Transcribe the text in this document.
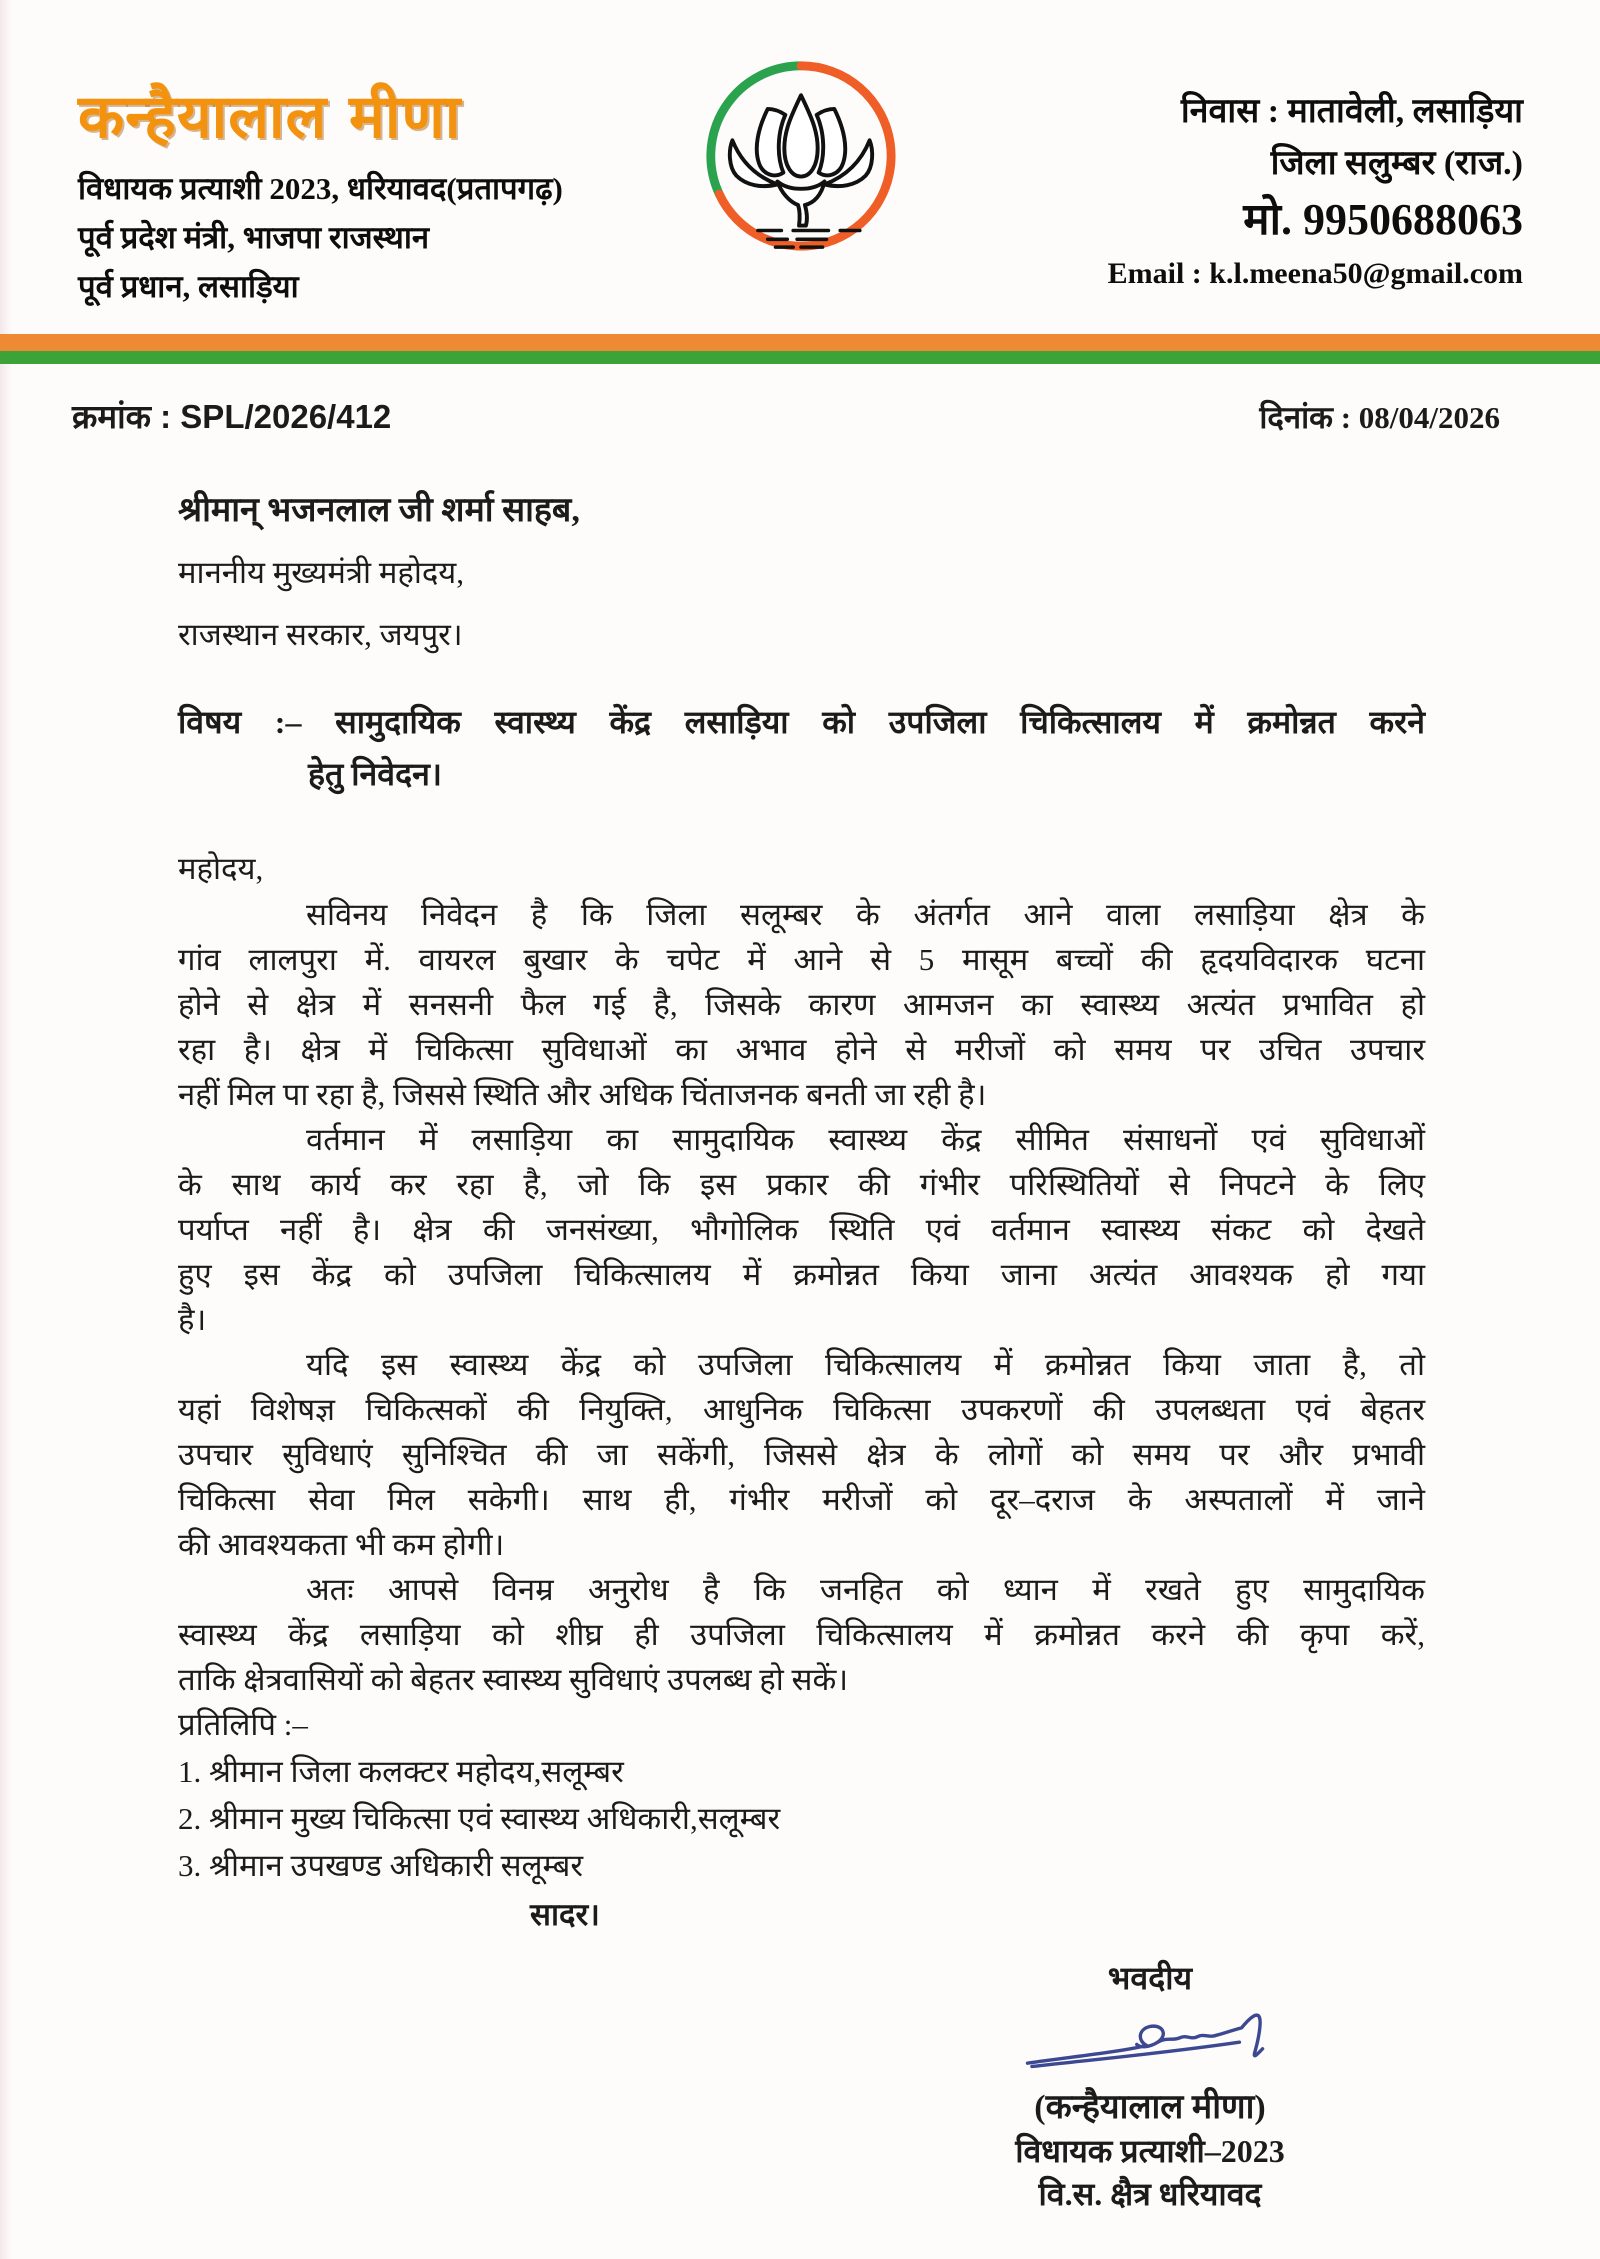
कन्हैयालाल मीणा
विधायक प्रत्याशी 2023, धरियावद(प्रतापगढ़)
पूर्व प्रदेश मंत्री, भाजपा राजस्थान
पूर्व प्रधान, लसाड़िया
निवास : मातावेली, लसाड़िया
जिला सलुम्बर (राज.)
मो. 9950688063
Email : k.l.meena50@gmail.com
क्रमांक : SPL/2026/412	दिनांक : 08/04/2026
श्रीमान् भजनलाल जी शर्मा साहब,
माननीय मुख्यमंत्री महोदय,
राजस्थान सरकार, जयपुर।
विषय :– सामुदायिक स्वास्थ्य केंद्र लसाड़िया को उपजिला चिकित्सालय में क्रमोन्नत करने
हेतु निवेदन।
महोदय,
सविनय निवेदन है कि जिला सलूम्बर के अंतर्गत आने वाला लसाड़िया क्षेत्र के
गांव लालपुरा में. वायरल बुखार के चपेट में आने से 5 मासूम बच्चों की हृदयविदारक घटना
होने से क्षेत्र में सनसनी फैल गई है, जिसके कारण आमजन का स्वास्थ्य अत्यंत प्रभावित हो
रहा है। क्षेत्र में चिकित्सा सुविधाओं का अभाव होने से मरीजों को समय पर उचित उपचार
नहीं मिल पा रहा है, जिससे स्थिति और अधिक चिंताजनक बनती जा रही है।
वर्तमान में लसाड़िया का सामुदायिक स्वास्थ्य केंद्र सीमित संसाधनों एवं सुविधाओं
के साथ कार्य कर रहा है, जो कि इस प्रकार की गंभीर परिस्थितियों से निपटने के लिए
पर्याप्त नहीं है। क्षेत्र की जनसंख्या, भौगोलिक स्थिति एवं वर्तमान स्वास्थ्य संकट को देखते
हुए इस केंद्र को उपजिला चिकित्सालय में क्रमोन्नत किया जाना अत्यंत आवश्यक हो गया
है।
यदि इस स्वास्थ्य केंद्र को उपजिला चिकित्सालय में क्रमोन्नत किया जाता है, तो
यहां विशेषज्ञ चिकित्सकों की नियुक्ति, आधुनिक चिकित्सा उपकरणों की उपलब्धता एवं बेहतर
उपचार सुविधाएं सुनिश्चित की जा सकेंगी, जिससे क्षेत्र के लोगों को समय पर और प्रभावी
चिकित्सा सेवा मिल सकेगी। साथ ही, गंभीर मरीजों को दूर–दराज के अस्पतालों में जाने
की आवश्यकता भी कम होगी।
अतः आपसे विनम्र अनुरोध है कि जनहित को ध्यान में रखते हुए सामुदायिक
स्वास्थ्य केंद्र लसाड़िया को शीघ्र ही उपजिला चिकित्सालय में क्रमोन्नत करने की कृपा करें,
ताकि क्षेत्रवासियों को बेहतर स्वास्थ्य सुविधाएं उपलब्ध हो सकें।
प्रतिलिपि :–
1. श्रीमान जिला कलक्टर महोदय,सलूम्बर
2. श्रीमान मुख्य चिकित्सा एवं स्वास्थ्य अधिकारी,सलूम्बर
3. श्रीमान उपखण्ड अधिकारी सलूम्बर
सादर।
भवदीय
(कन्हैयालाल मीणा)
विधायक प्रत्याशी–2023
वि.स. क्षैत्र धरियावद
